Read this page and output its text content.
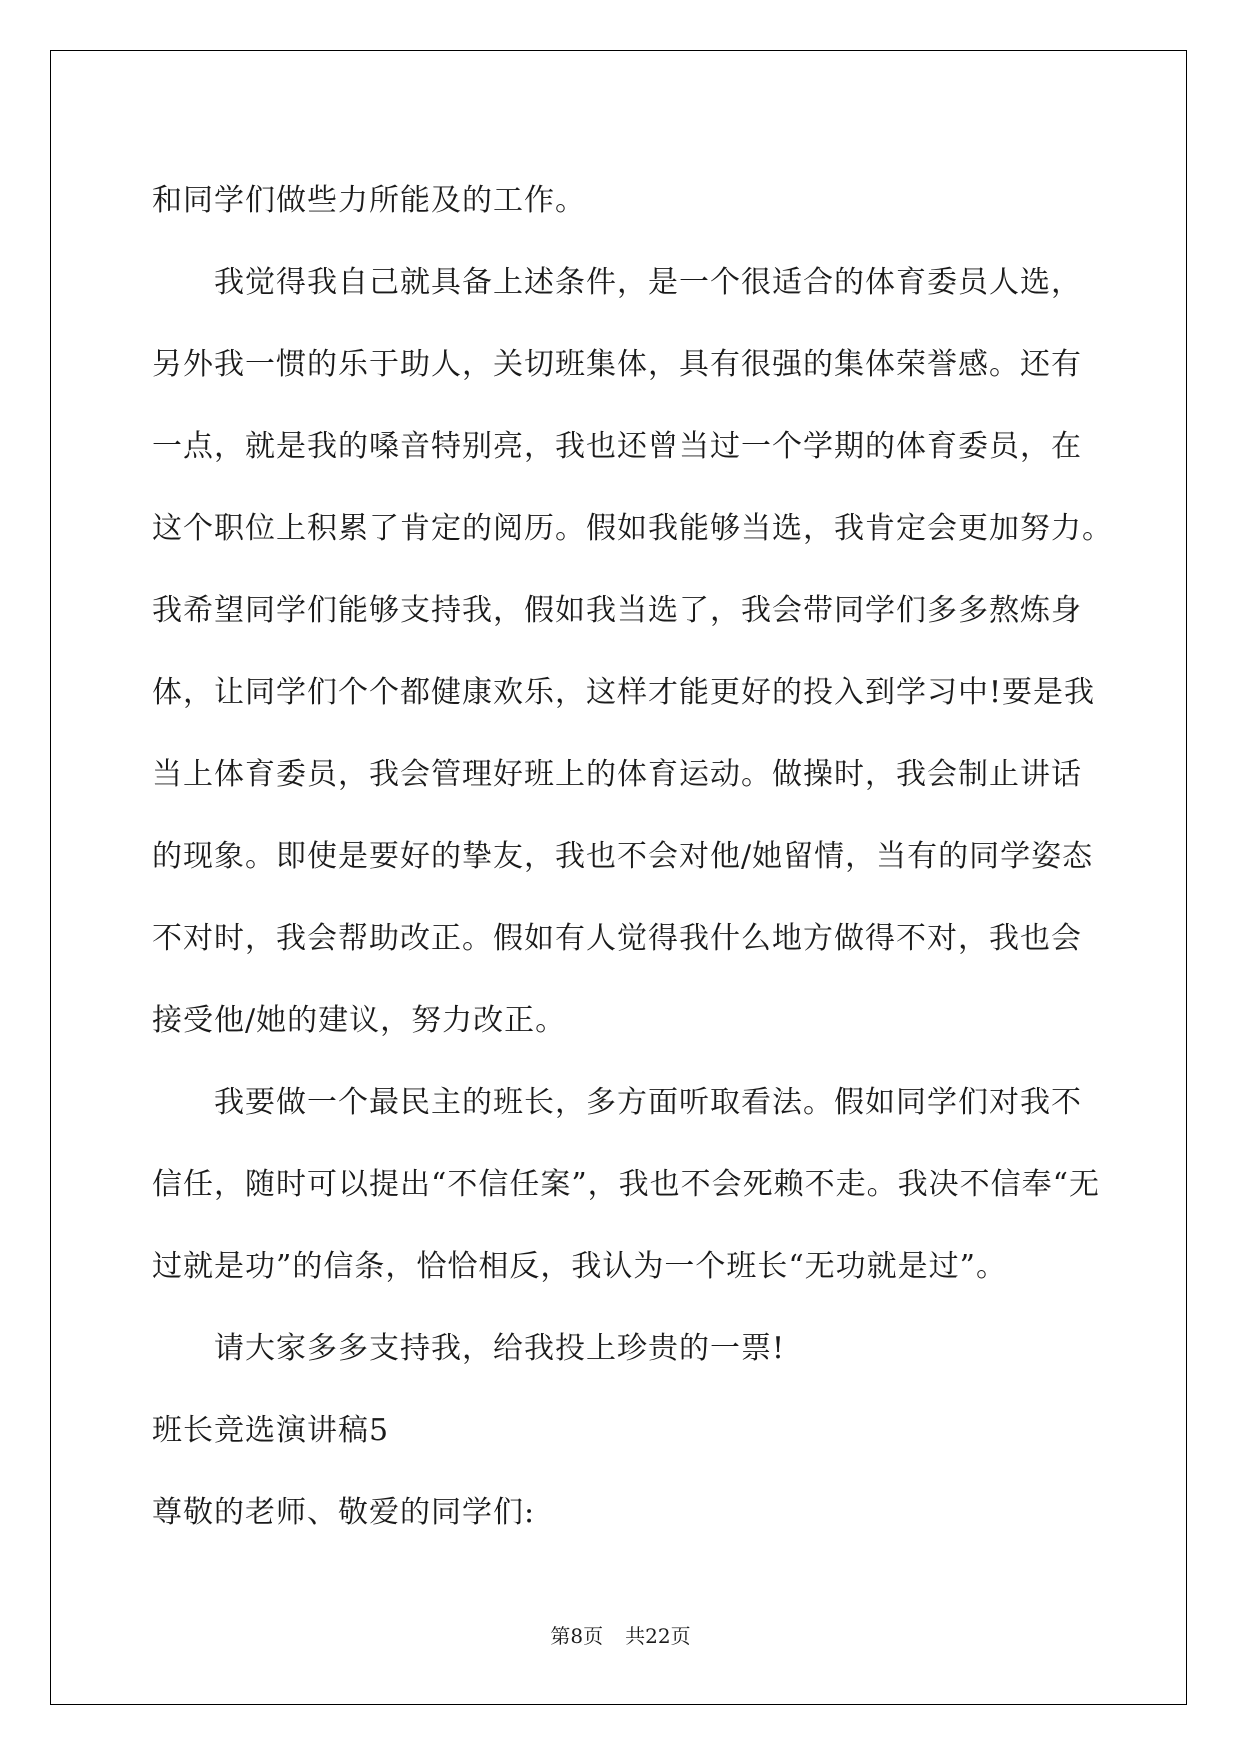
和同学们做些力所能及的工作。
我觉得我自己就具备上述条件，是一个很适合的体育委员人选，
另外我一惯的乐于助人，关切班集体，具有很强的集体荣誉感。还有
一点，就是我的嗓音特别亮，我也还曾当过一个学期的体育委员，在
这个职位上积累了肯定的阅历。假如我能够当选，我肯定会更加努力。
我希望同学们能够支持我，假如我当选了，我会带同学们多多熬炼身
体，让同学们个个都健康欢乐，这样才能更好的投入到学习中!要是我
当上体育委员，我会管理好班上的体育运动。做操时，我会制止讲话
的现象。即使是要好的挚友，我也不会对他/她留情，当有的同学姿态
不对时，我会帮助改正。假如有人觉得我什么地方做得不对，我也会
接受他/她的建议，努力改正。
我要做一个最民主的班长，多方面听取看法。假如同学们对我不
信任，随时可以提出“不信任案”，我也不会死赖不走。我决不信奉“无
过就是功”的信条，恰恰相反，我认为一个班长“无功就是过”。
请大家多多支持我，给我投上珍贵的一票!
班长竞选演讲稿5
尊敬的老师、敬爱的同学们:
第8页 共22页
